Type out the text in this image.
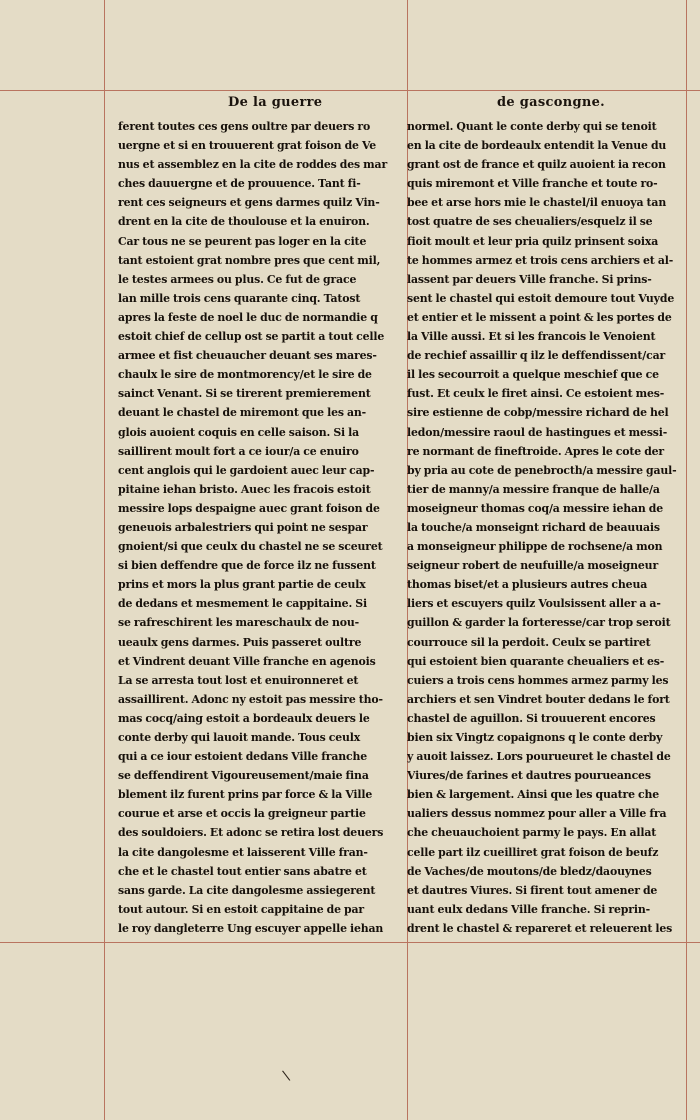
De la guerre	de gascongne.
ferent toutes ces gens oultre par deuers ro
uergne et si en trouuerent grat foison de Ve
nus et assemblez en la cite de roddes des mar
ches dauuergne et de prouuence. Tant fi-
rent ces seigneurs et gens darmes quilz Vin-
drent en la cite de thoulouse et la enuiron.
Car tous ne se peurent pas loger en la cite
tant estoient grat nombre pres que cent mil,
le testes armees ou plus. Ce fut de grace
lan mille trois cens quarante cinq. Tatost
apres la feste de noel le duc de normandie q
estoit chief de cellup ost se partit a tout celle
armee et fist cheuaucher deuant ses mares-
chaulx le sire de montmorency/et le sire de
sainct Venant. Si se tirerent premierement
deuant le chastel de miremont que les an-
glois auoient coquis en celle saison. Si la
saillirent moult fort a ce iour/a ce enuiro
cent anglois qui le gardoient auec leur cap-
pitaine iehan bristo. Auec les fracois estoit
messire lops despaigne auec grant foison de
geneuois arbalestriers qui point ne sespar
gnoient/si que ceulx du chastel ne se sceuret
si bien deffendre que de force ilz ne fussent
prins et mors la plus grant partie de ceulx
de dedans et mesmement le cappitaine. Si
se rafreschirent les mareschaulx de nou-
ueaulx gens darmes. Puis passeret oultre
et Vindrent deuant Ville franche en agenois
La se arresta tout lost et enuironneret et
assaillirent. Adonc ny estoit pas messire tho-
mas cocq/aing estoit a bordeaulx deuers le
conte derby qui lauoit mande. Tous ceulx
qui a ce iour estoient dedans Ville franche
se deffendirent Vigoureusement/maie fina
blement ilz furent prins par force & la Ville
courue et arse et occis la greigneur partie
des souldoiers. Et adonc se retira lost deuers
la cite dangolesme et laisserent Ville fran-
che et le chastel tout entier sans abatre et
sans garde. La cite dangolesme assiegerent
tout autour. Si en estoit cappitaine de par
le roy dangleterre Ung escuyer appelle iehan
normel. Quant le conte derby qui se tenoit
en la cite de bordeaulx entendit la Venue du
grant ost de france et quilz auoient ia recon
quis miremont et Ville franche et toute ro-
bee et arse hors mie le chastel/il enuoya tan
tost quatre de ses cheualiers/esquelz il se
fioit moult et leur pria quilz prinsent soixa
te hommes armez et trois cens archiers et al-
lassent par deuers Ville franche. Si prins-
sent le chastel qui estoit demoure tout Vuyde
et entier et le missent a point & les portes de
la Ville aussi. Et si les francois le Venoient
de rechief assaillir q ilz le deffendissent/car
il les secourroit a quelque meschief que ce
fust. Et ceulx le firet ainsi. Ce estoient mes-
sire estienne de cobp/messire richard de hel
ledon/messire raoul de hastingues et messi-
re normant de fineftroide. Apres le cote der
by pria au cote de penebrocth/a messire gaul-
tier de manny/a messire franque de halle/a
moseigneur thomas coq/a messire iehan de
la touche/a monseignt richard de beauuais
a monseigneur philippe de rochsene/a mon
seigneur robert de neufuille/a moseigneur
thomas biset/et a plusieurs autres cheua
liers et escuyers quilz Voulsissent aller a a-
guillon & garder la forteresse/car trop seroit
courrouce sil la perdoit. Ceulx se partiret
qui estoient bien quarante cheualiers et es-
cuiers a trois cens hommes armez parmy les
archiers et sen Vindret bouter dedans le fort
chastel de aguillon. Si trouuerent encores
bien six Vingtz copaignons q le conte derby
y auoit laissez. Lors pourueuret le chastel de
Viures/de farines et dautres pourueances
bien & largement. Ainsi que les quatre che
ualiers dessus nommez pour aller a Ville fra
che cheuauchoient parmy le pays. En allat
celle part ilz cueilliret grat foison de beufz
de Vaches/de moutons/de bledz/daouynes
et dautres Viures. Si firent tout amener de
uant eulx dedans Ville franche. Si reprin-
drent le chastel & repareret et releuerent les
\
